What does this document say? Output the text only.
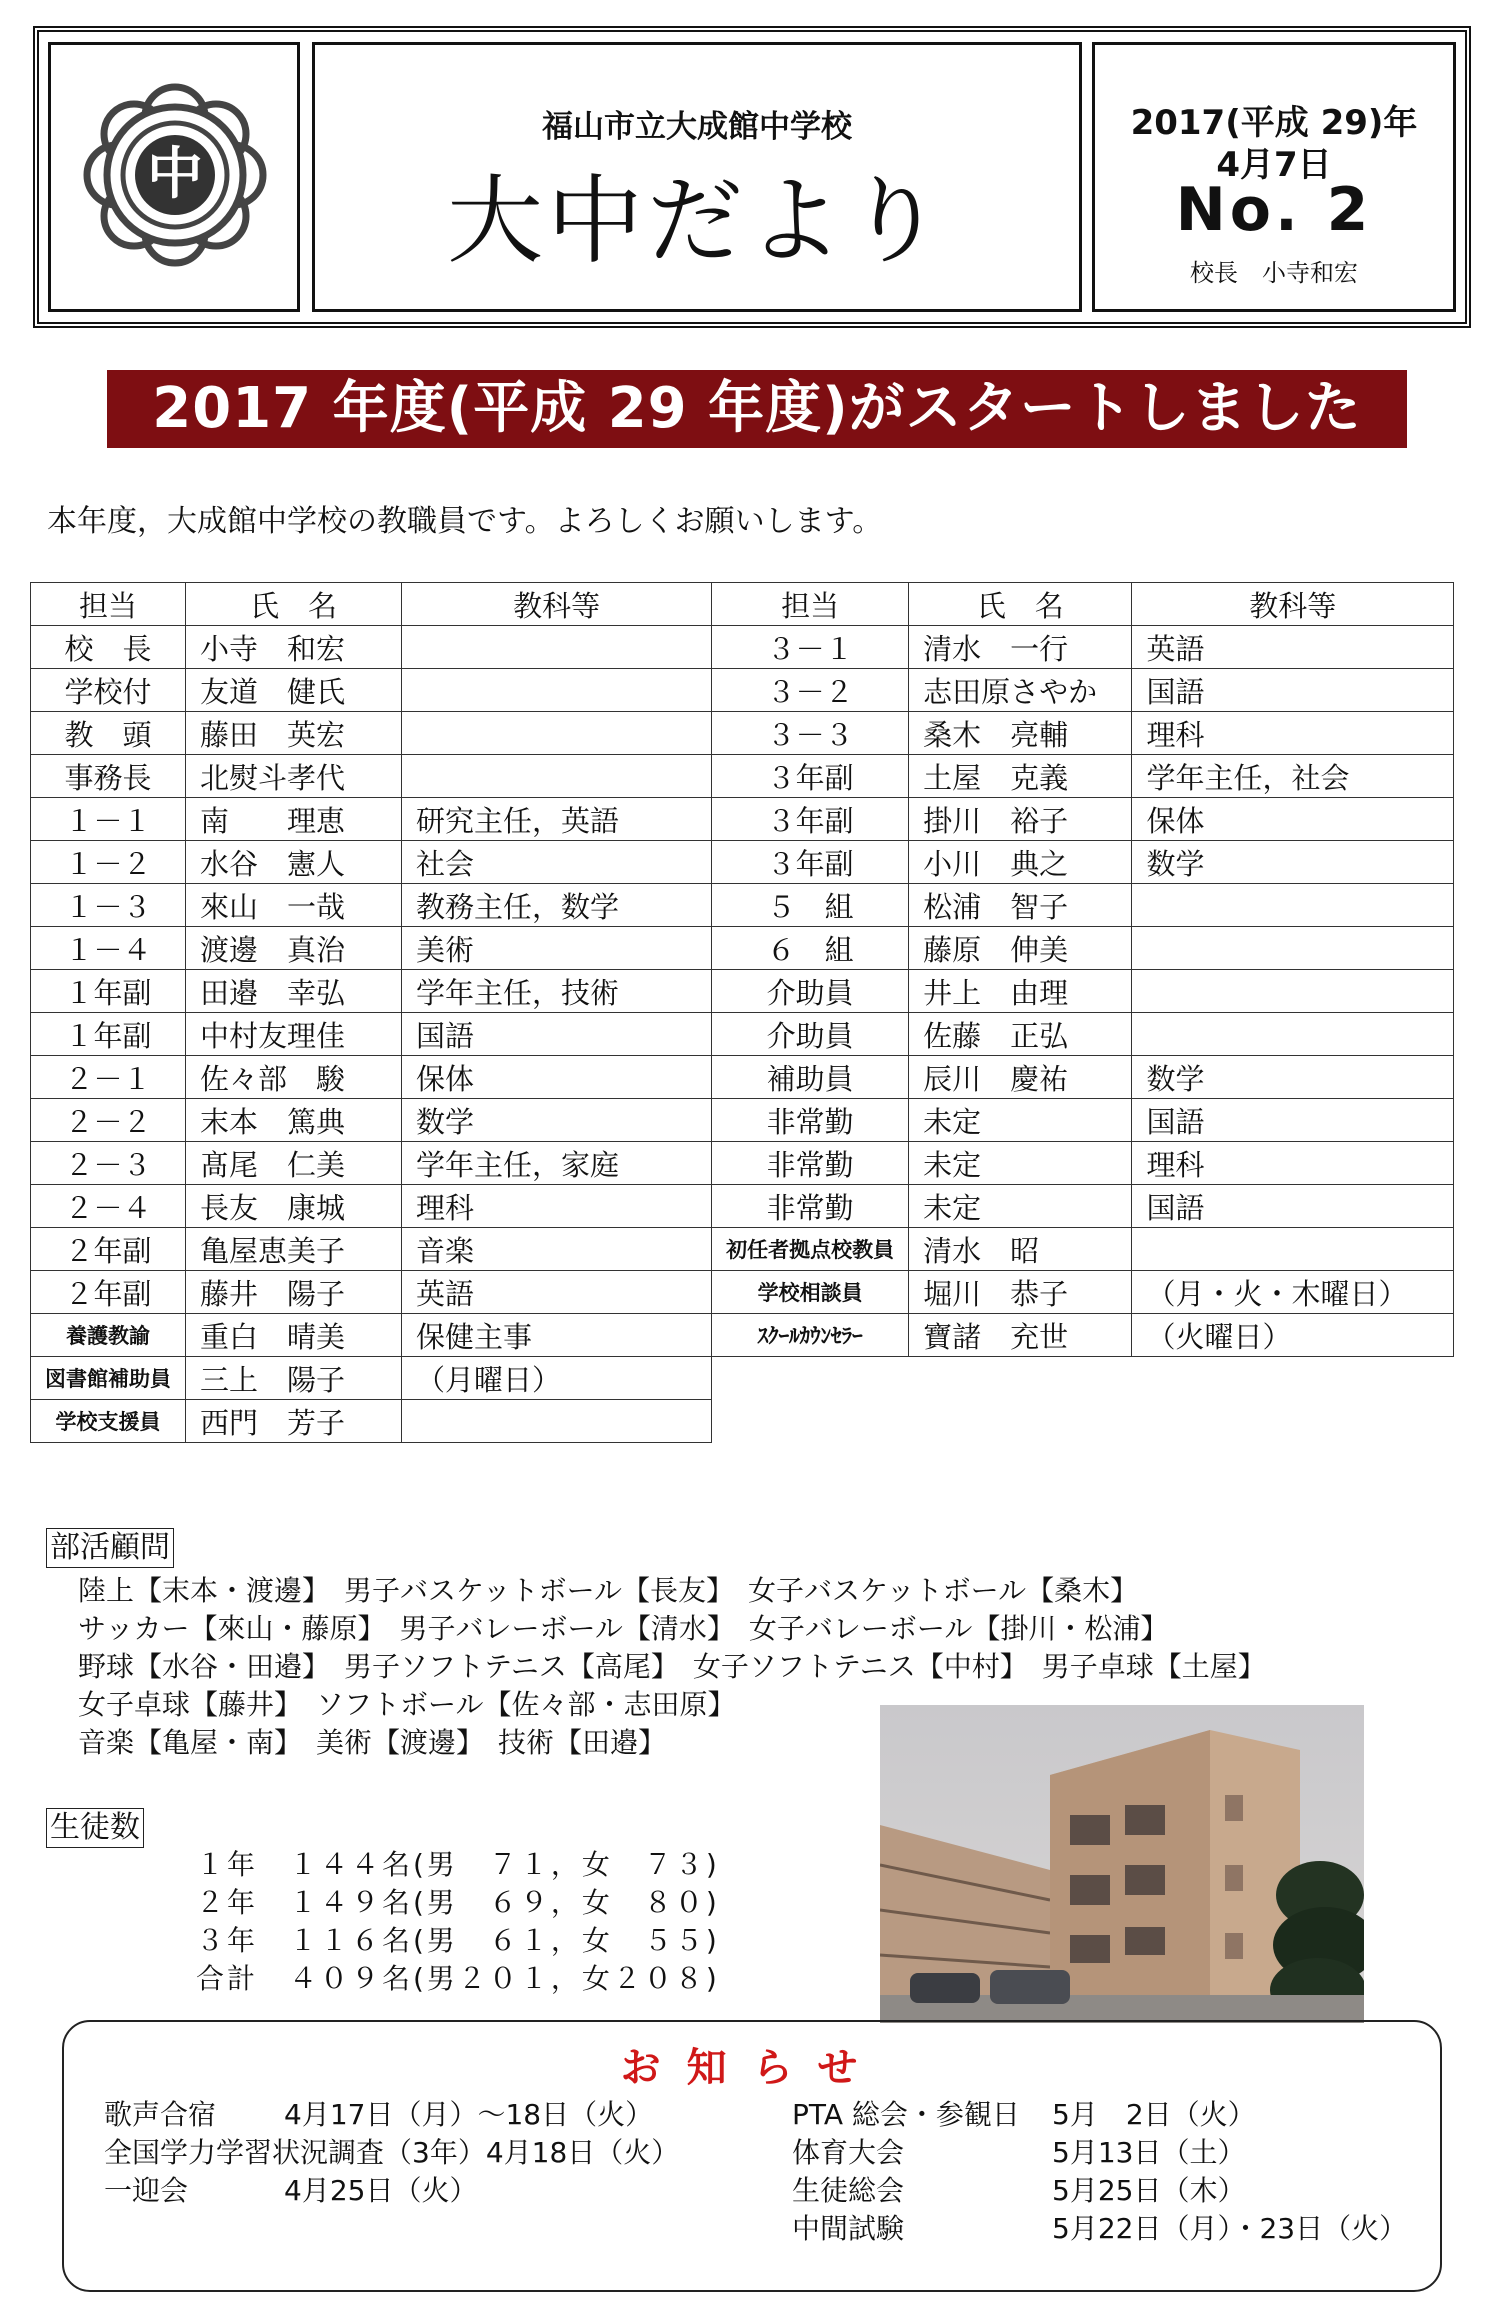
中
福山市立大成館中学校
大中だより
2017(平成 29)年
4月7日
No. 2
校長　小寺和宏
2017 年度(平成 29 年度)がスタートしました
本年度，大成館中学校の教職員です。よろしくお願いします。
担当	氏　名	教科等	担当	氏　名	教科等
校　長	小寺　和宏		３－１	清水　一行	英語
学校付	友道　健氏		３－２	志田原さやか	国語
教　頭	藤田　英宏		３－３	桑木　亮輔	理科
事務長	北熨斗孝代		３年副	土屋　克義	学年主任，社会
１－１	南　　理恵	研究主任，英語	３年副	掛川　裕子	保体
１－２	水谷　憲人	社会	３年副	小川　典之	数学
１－３	來山　一哉	教務主任，数学	５　組	松浦　智子	
１－４	渡邊　真治	美術	６　組	藤原　伸美	
１年副	田邉　幸弘	学年主任，技術	介助員	井上　由理	
１年副	中村友理佳	国語	介助員	佐藤　正弘	
２－１	佐々部　駿	保体	補助員	辰川　慶祐	数学
２－２	末本　篤典	数学	非常勤	未定	国語
２－３	髙尾　仁美	学年主任，家庭	非常勤	未定	理科
２－４	長友　康城	理科	非常勤	未定	国語
２年副	亀屋恵美子	音楽	初任者拠点校教員	清水　昭	
２年副	藤井　陽子	英語	学校相談員	堀川　恭子	（月・火・木曜日）
養護教諭	重白　晴美	保健主事	ｽｸｰﾙｶｳﾝｾﾗｰ	寶諸　充世	（火曜日）
図書館補助員	三上　陽子	（月曜日）			
学校支援員	西門　芳子				
部活顧問
陸上【末本・渡邊】　男子バスケットボール【長友】　女子バスケットボール【桑木】
サッカー【來山・藤原】　男子バレーボール【清水】　女子バレーボール【掛川・松浦】
野球【水谷・田邉】　男子ソフトテニス【高尾】　女子ソフトテニス【中村】　男子卓球【土屋】
女子卓球【藤井】　ソフトボール【佐々部・志田原】
音楽【亀屋・南】　美術【渡邊】　技術【田邉】
生徒数
１年　１４４名(男　７１，女　７３)
２年　１４９名(男　６９，女　８０)
３年　１１６名(男　６１，女　５５)
合計　４０９名(男２０１，女２０８)
お知らせ
歌声合宿 4月17日（月）～18日（火）
全国学力学習状況調査（3年）4月18日（火）
一迎会	4月25日（火）
PTA 総会・参観日 5月　2日（火）
体育大会	5月13日（土）
生徒総会	5月25日（木）
中間試験	5月22日（月）・23日（火）
